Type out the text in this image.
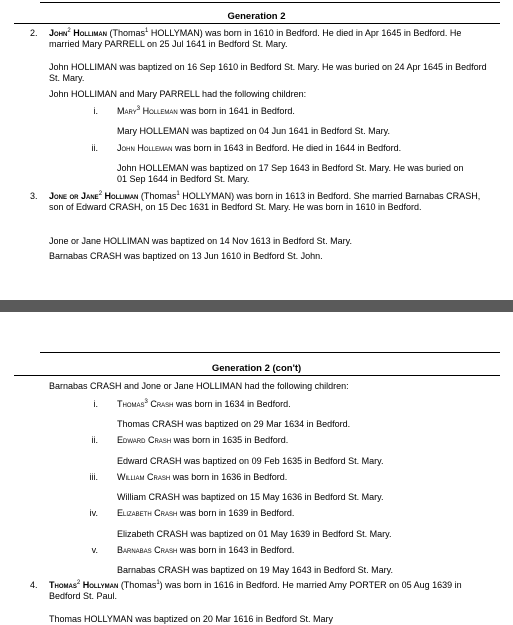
Generation 2
2. John$^2$ Holliman (Thomas$^1$ HOLLYMAN) was born in 1610 in Bedford. He died in Apr 1645 in Bedford. He married Mary PARRELL on 25 Jul 1641 in Bedford St. Mary.
John HOLLIMAN was baptized on 16 Sep 1610 in Bedford St. Mary. He was buried on 24 Apr 1645 in Bedford St. Mary.
John HOLLIMAN and Mary PARRELL had the following children:
i. Mary$^3$ Holleman was born in 1641 in Bedford.
Mary HOLLEMAN was baptized on 04 Jun 1641 in Bedford St. Mary.
ii. John Holleman was born in 1643 in Bedford. He died in 1644 in Bedford.
John HOLLEMAN was baptized on 17 Sep 1643 in Bedford St. Mary. He was buried on 01 Sep 1644 in Bedford St. Mary.
3. Jone or Jane$^2$ Holliman (Thomas$^1$ HOLLYMAN) was born in 1613 in Bedford. She married Barnabas CRASH, son of Edward CRASH, on 15 Dec 1631 in Bedford St. Mary. He was born in 1610 in Bedford.
Jone or Jane HOLLIMAN was baptized on 14 Nov 1613 in Bedford St. Mary.
Barnabas CRASH was baptized on 13 Jun 1610 in Bedford St. John.
Generation 2 (con't)
Barnabas CRASH and Jone or Jane HOLLIMAN had the following children:
i. Thomas$^3$ Crash was born in 1634 in Bedford.
Thomas CRASH was baptized on 29 Mar 1634 in Bedford.
ii. Edward Crash was born in 1635 in Bedford.
Edward CRASH was baptized on 09 Feb 1635 in Bedford St. Mary.
iii. William Crash was born in 1636 in Bedford.
William CRASH was baptized on 15 May 1636 in Bedford St. Mary.
iv. Elizabeth Crash was born in 1639 in Bedford.
Elizabeth CRASH was baptized on 01 May 1639 in Bedford St. Mary.
v. Barnabas Crash was born in 1643 in Bedford.
Barnabas CRASH was baptized on 19 May 1643 in Bedford St. Mary.
4. Thomas$^2$ Hollyman (Thomas$^1$) was born in 1616 in Bedford. He married Amy PORTER on 05 Aug 1639 in Bedford St. Paul.
Thomas HOLLYMAN was baptized on 20 Mar 1616 in Bedford St. Mary
